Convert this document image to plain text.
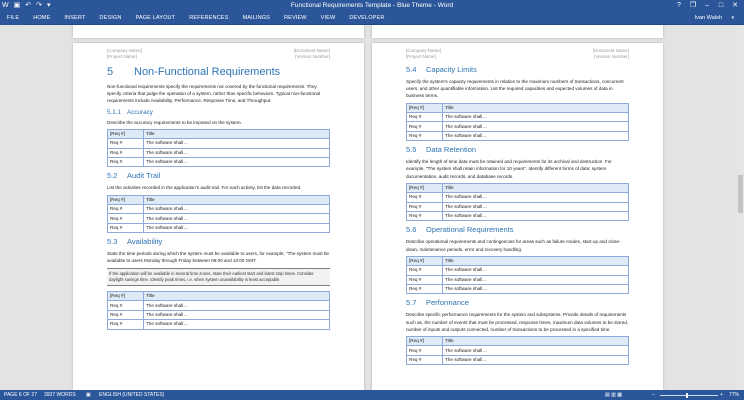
W ▣ ↶ ↷ ▾	Functional Requirements Template - Blue Theme - Word	?	❐	–	□	✕
FILE	HOME	INSERT	DESIGN	PAGE LAYOUT	REFERENCES	MAILINGS	REVIEW	VIEW	DEVELOPER	Ivan Walsh ▾
[Company Name]
[Project Name]
[Document Name]
[Version Number]
5	Non-Functional Requirements
Non-functional requirements specify the requirements not covered by the functional requirements. They specify criteria that judge the operation of a system, rather than specific behaviors. Typical non-functional requirements include Availability, Performance, Response Time, and Throughput.
5.1.1 Accuracy
Describe the accuracy requirements to be imposed on the system.
[Req #]	Title
Req #	The software shall…
Req #	The software shall…
Req #	The software shall…
5.2	Audit Trail
List the activities recorded in the application's audit trail. For each activity, list the data recorded.
[Req #]	Title
Req #	The software shall…
Req #	The software shall…
Req #	The software shall…
5.3	Availability
State the time periods during which the system must be available to users, for example, "The system must be available to users Monday through Friday between 06:00 and 10:00 GMT.
If the application will be available in several time zones, state their earliest start and latest stop times. Consider daylight savings time. Identify peak times, i.e. when system unavailability is least acceptable.
[Req #]	Title
Req #	The software shall…
Req #	The software shall…
Req #	The software shall…
[Company Name]
[Project Name]
[Document Name]
[Version Number]
5.4	Capacity Limits
Specify the system's capacity requirements in relation to the maximum numbers of transactions, concurrent users, and other quantifiable information. List the required capacities and expected volumes of data in business terms.
[Req #]	Title
Req #	The software shall…
Req #	The software shall…
Req #	The software shall…
5.5	Data Retention
Identify the length of time data must be retained and requirements for its archival and destruction. For example, "The system shall retain information for 10 years". Identify different forms of data: system documentation, audit records, and database records.
[Req #]	Title
Req #	The software shall…
Req #	The software shall…
Req #	The software shall…
5.6	Operational Requirements
Describe operational requirements and contingencies for areas such as failure modes, start-up and close-down, maintenance periods, error and recovery handling.
[Req #]	Title
Req #	The software shall…
Req #	The software shall…
Req #	The software shall…
5.7	Performance
Describe specific performance requirements for the system and subsystems. Provide details of requirements such as, the number of events that must be processed, response times, maximum data volumes to be stored, number of inputs and outputs connected, number of transactions to be processed in a specified time.
[Req #]	Title
Req #	The software shall…
Req #	The software shall…
PAGE 6 OF 27 3937 WORDS ▣ ENGLISH (UNITED STATES)	▤ ▥ ▦	–	+ 77%
